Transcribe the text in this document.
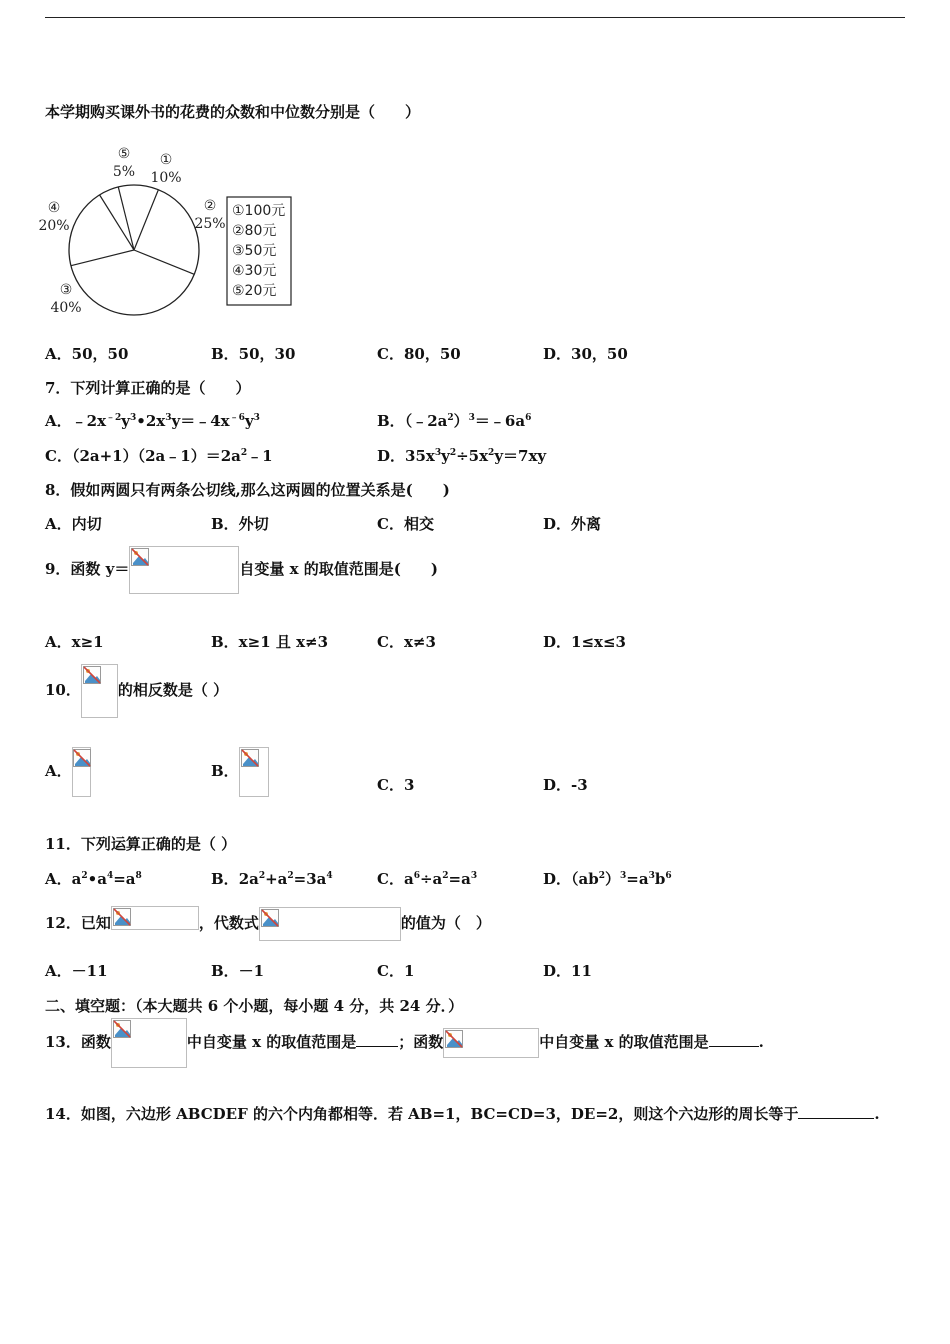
本学期购买课外书的花费的众数和中位数分别是（　　）
①
10%
②
25%
③
40%
④
20%
⑤
5%
①100元
②80元
③50元
④30元
⑤20元
A．50，50	B．50，30	C．80，50	D．30，50
7．下列计算正确的是（　　）
A．$﹣2x^{﹣2}y^3•2x^3y=﹣4x^{﹣6}y^3$	B．$(﹣2a^2)^3=﹣6a^6$
C．$(2a+1)(2a﹣1)=2a^2﹣1$	D．$35x^3y^2\div 5x^2y=7xy$
8．假如两圆只有两条公切线,那么这两圆的位置关系是(　　)
A．内切	B．外切	C．相交	D．外离
9．函数 y＝	自变量 x 的取值范围是(　　)
A．x≥1	B．x≥1 且 x≠3	C．x≠3	D．1≤x≤3
10． 的相反数是（ ）
A．	B．
C．3	D．-3
11．下列运算正确的是（ ）
A．$a^2•a^4=a^8$	B．$2a^2+a^2=3a^4$	C．$a^6\div a^2=a^3$	D．$(ab^2)^3=a^3b^6$
12．已知	，代数式	的值为（　）
A．－11	B．－1	C．1	D．11
二、填空题：（本大题共 6 个小题，每小题 4 分，共 24 分．）
13．函数	中自变量 x 的取值范围是	；函数	中自变量 x 的取值范围是	.
14．如图，六边形 ABCDEF 的六个内角都相等．若 AB=1，BC=CD=3，DE=2，则这个六边形的周长等于	.
